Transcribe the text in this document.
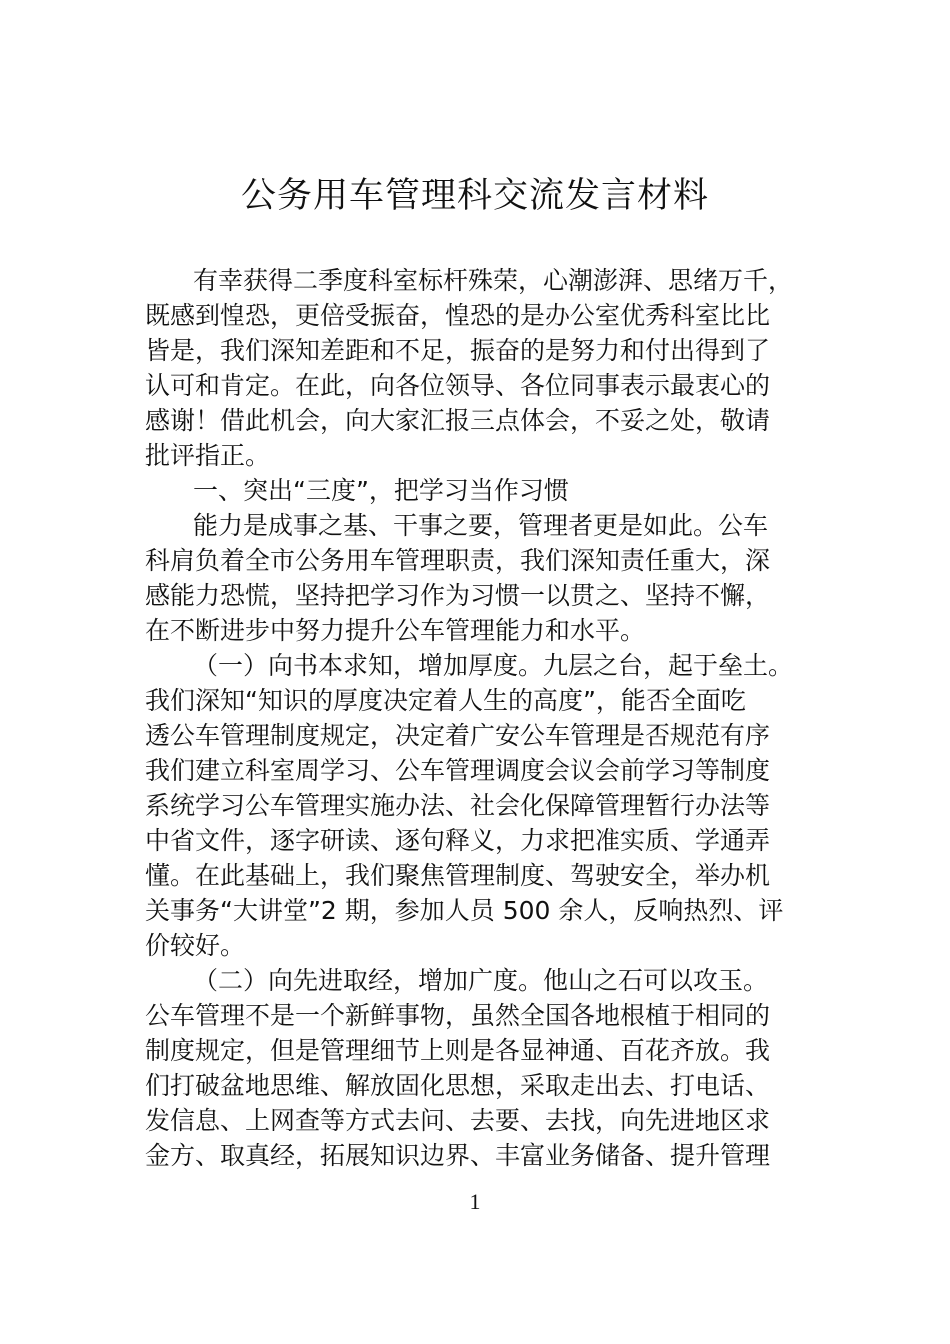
公务用车管理科交流发言材料
有幸获得二季度科室标杆殊荣，心潮澎湃、思绪万千，
既感到惶恐，更倍受振奋，惶恐的是办公室优秀科室比比
皆是，我们深知差距和不足，振奋的是努力和付出得到了
认可和肯定。在此，向各位领导、各位同事表示最衷心的
感谢！借此机会，向大家汇报三点体会，不妥之处，敬请
批评指正。
一、突出“三度”，把学习当作习惯
能力是成事之基、干事之要，管理者更是如此。公车
科肩负着全市公务用车管理职责，我们深知责任重大，深
感能力恐慌，坚持把学习作为习惯一以贯之、坚持不懈，
在不断进步中努力提升公车管理能力和水平。
（一）向书本求知，增加厚度。九层之台，起于垒土。
我们深知“知识的厚度决定着人生的高度”，能否全面吃
透公车管理制度规定，决定着广安公车管理是否规范有序
我们建立科室周学习、公车管理调度会议会前学习等制度
系统学习公车管理实施办法、社会化保障管理暂行办法等
中省文件，逐字研读、逐句释义，力求把准实质、学通弄
懂。在此基础上，我们聚焦管理制度、驾驶安全，举办机
关事务“大讲堂”2 期，参加人员 500 余人，反响热烈、评
价较好。
（二）向先进取经，增加广度。他山之石可以攻玉。
公车管理不是一个新鲜事物，虽然全国各地根植于相同的
制度规定，但是管理细节上则是各显神通、百花齐放。我
们打破盆地思维、解放固化思想，采取走出去、打电话、
发信息、上网查等方式去问、去要、去找，向先进地区求
金方、取真经，拓展知识边界、丰富业务储备、提升管理
1
